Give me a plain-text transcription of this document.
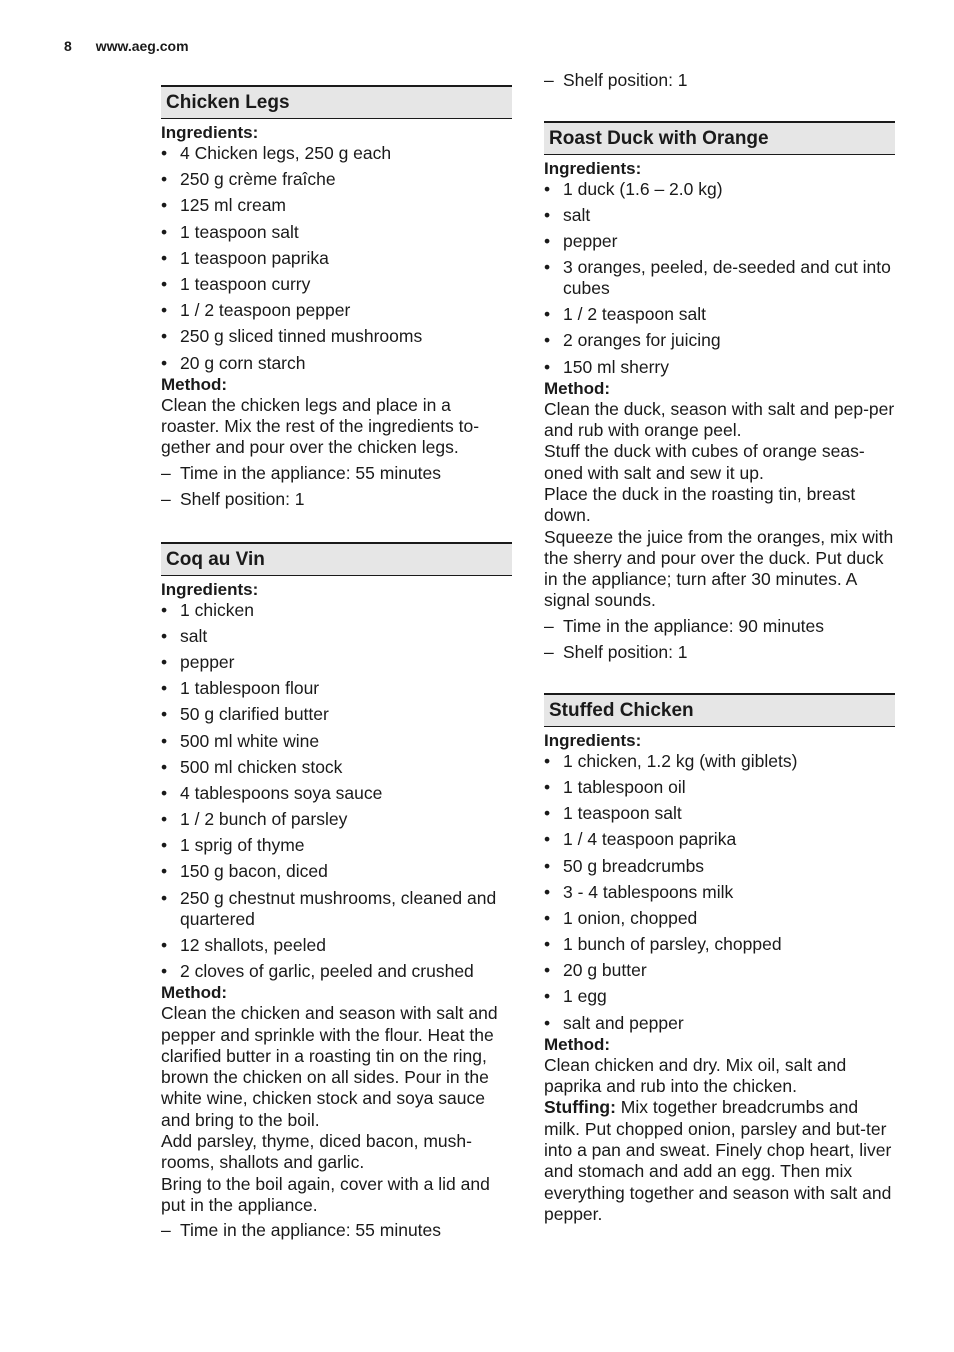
8 www.aeg.com
Chicken Legs
Ingredients:
• 4 Chicken legs, 250 g each
• 250 g crème fraîche
• 125 ml cream
• 1 teaspoon salt
• 1 teaspoon paprika
• 1 teaspoon curry
• 1 / 2 teaspoon pepper
• 250 g sliced tinned mushrooms
• 20 g corn starch
Method:

Clean the chicken legs and place in a roaster. Mix the rest of the ingredients to-gether and pour over the chicken legs.

– Time in the appliance: 55 minutes
– Shelf position: 1
Coq au Vin
Ingredients:
• 1 chicken
• salt
• pepper
• 1 tablespoon flour
• 50 g clarified butter
• 500 ml white wine
• 500 ml chicken stock
• 4 tablespoons soya sauce
• 1 / 2 bunch of parsley
• 1 sprig of thyme
• 150 g bacon, diced
• 250 g chestnut mushrooms, cleaned and quartered
• 12 shallots, peeled
• 2 cloves of garlic, peeled and crushed
Method:

Clean the chicken and season with salt and pepper and sprinkle with the flour. Heat the clarified butter in a roasting tin on the ring, brown the chicken on all sides. Pour in the white wine, chicken stock and soya sauce and bring to the boil.

Add parsley, thyme, diced bacon, mush-rooms, shallots and garlic.

Bring to the boil again, cover with a lid and put in the appliance.

– Time in the appliance: 55 minutes
– Shelf position: 1
Roast Duck with Orange
Ingredients:
• 1 duck (1.6 – 2.0 kg)
• salt
• pepper
• 3 oranges, peeled, de-seeded and cut into cubes
• 1 / 2 teaspoon salt
• 2 oranges for juicing
• 150 ml sherry
Method:

Clean the duck, season with salt and pep-per and rub with orange peel.

Stuff the duck with cubes of orange seas-oned with salt and sew it up.

Place the duck in the roasting tin, breast down.

Squeeze the juice from the oranges, mix with the sherry and pour over the duck. Put duck in the appliance; turn after 30 minutes. A signal sounds.

– Time in the appliance: 90 minutes
– Shelf position: 1
Stuffed Chicken
Ingredients:
• 1 chicken, 1.2 kg (with giblets)
• 1 tablespoon oil
• 1 teaspoon salt
• 1 / 4 teaspoon paprika
• 50 g breadcrumbs
• 3 - 4 tablespoons milk
• 1 onion, chopped
• 1 bunch of parsley, chopped
• 20 g butter
• 1 egg
• salt and pepper
Method:

Clean chicken and dry. Mix oil, salt and paprika and rub into the chicken.

Stuffing: Mix together breadcrumbs and milk. Put chopped onion, parsley and but-ter into a pan and sweat. Finely chop heart, liver and stomach and add an egg. Then mix everything together and season with salt and pepper.
